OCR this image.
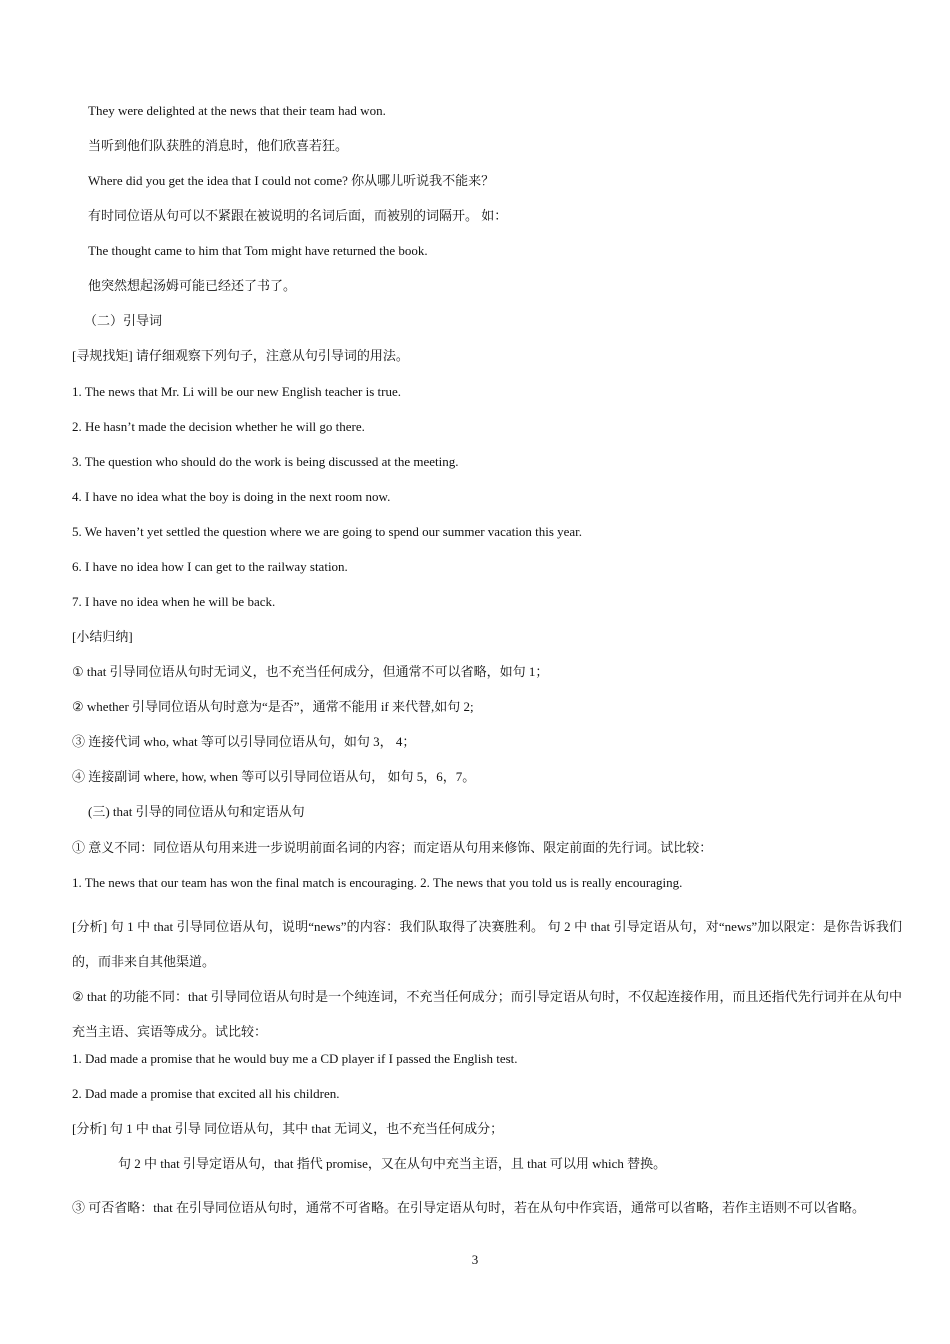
They were delighted at the news that their team had won.
当听到他们队获胜的消息时，他们欣喜若狂。
Where did you get the idea that I could not come? 你从哪儿听说我不能来？
有时同位语从句可以不紧跟在被说明的名词后面，而被别的词隔开。 如：
The thought came to him that Tom might have returned the book.
他突然想起汤姆可能已经还了书了。
（二）引导词
[寻规找矩] 请仔细观察下列句子，注意从句引导词的用法。
1. The news that Mr. Li will be our new English teacher is true.
2. He hasn’t made the decision whether he will go there.
3. The question who should do the work is being discussed at the meeting.
4. I have no idea what the boy is doing in the next room now.
5. We haven’t yet settled the question where we are going to spend our summer vacation this year.
6. I have no idea how I can get to the railway station.
7. I have no idea when he will be back.
[小结归纳]
① that 引导同位语从句时无词义，也不充当任何成分，但通常不可以省略，如句 1；
② whether 引导同位语从句时意为“是否”，通常不能用 if 来代替,如句 2;
③ 连接代词 who, what 等可以引导同位语从句，如句 3， 4；
④ 连接副词 where, how, when 等可以引导同位语从句， 如句 5，6，7。
(三) that 引导的同位语从句和定语从句
① 意义不同：同位语从句用来进一步说明前面名词的内容；而定语从句用来修饰、限定前面的先行词。试比较：
1. The news that our team has won the final match is encouraging. 2. The news that you told us is really encouraging.
[分析] 句 1 中 that 引导同位语从句，说明“news”的内容：我们队取得了决赛胜利。 句 2 中 that 引导定语从句，对“news”加以限定：是你告诉我们的，而非来自其他渠道。
② that 的功能不同：that 引导同位语从句时是一个纯连词，不充当任何成分；而引导定语从句时，不仅起连接作用，而且还指代先行词并在从句中充当主语、宾语等成分。试比较：
1. Dad made a promise that he would buy me a CD player if I passed the English test.
2. Dad made a promise that excited all his children.
[分析] 句 1 中 that 引导 同位语从句，其中 that 无词义，也不充当任何成分；
句 2 中 that 引导定语从句，that 指代 promise，又在从句中充当主语，且 that 可以用 which 替换。
③ 可否省略：that 在引导同位语从句时，通常不可省略。在引导定语从句时，若在从句中作宾语，通常可以省略，若作主语则不可以省略。
3
